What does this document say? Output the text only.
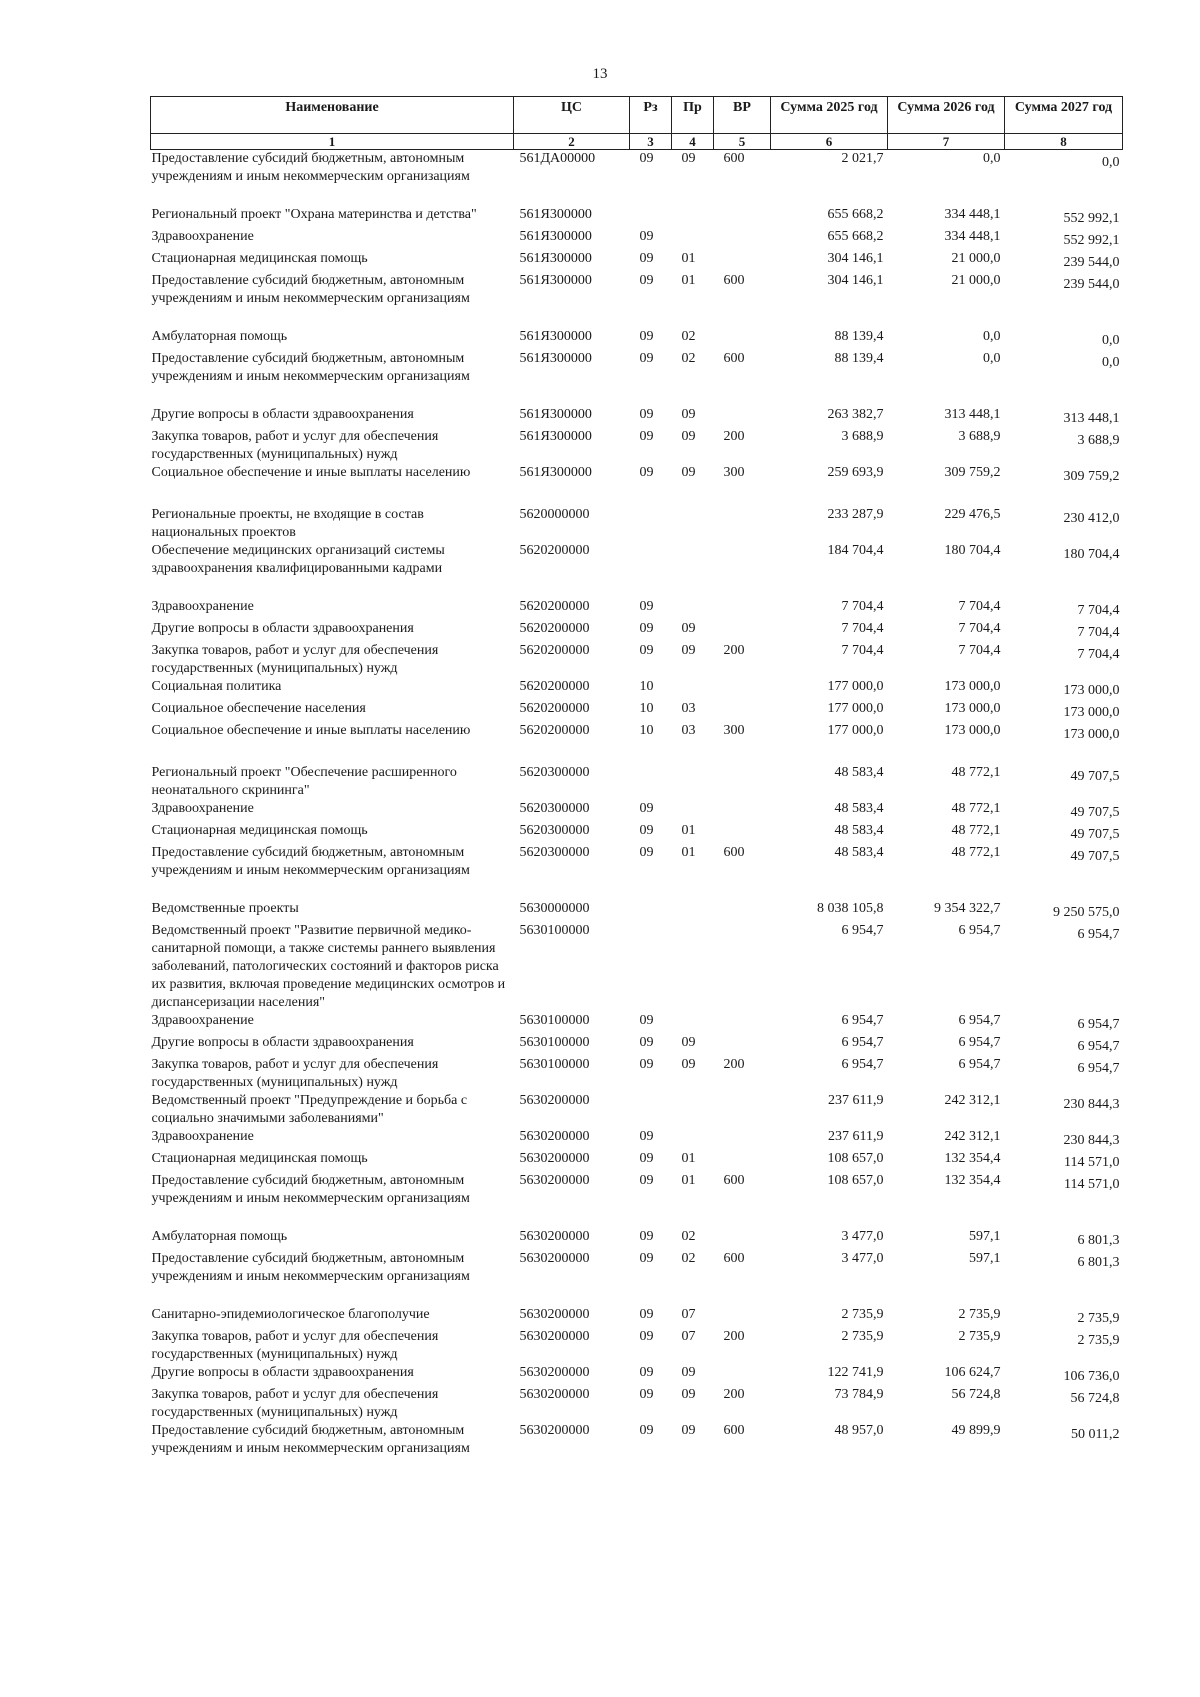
13
Наименование	ЦС	Рз	Пр	ВР	Сумма 2025 год	Сумма 2026 год	Сумма 2027 год
1	2	3	4	5	6	7	8
Предоставление субсидий бюджетным, автономным учреждениям и иным некоммерческим организациям	561ДА00000	09	09	600	2 021,7	0,0	0,0

Региональный проект "Охрана материнства и детства"	561Я300000				655 668,2	334 448,1	552 992,1
Здравоохранение	561Я300000	09			655 668,2	334 448,1	552 992,1
Стационарная медицинская помощь	561Я300000	09	01		304 146,1	21 000,0	239 544,0
Предоставление субсидий бюджетным, автономным учреждениям и иным некоммерческим организациям	561Я300000	09	01	600	304 146,1	21 000,0	239 544,0

Амбулаторная помощь	561Я300000	09	02		88 139,4	0,0	0,0
Предоставление субсидий бюджетным, автономным учреждениям и иным некоммерческим организациям	561Я300000	09	02	600	88 139,4	0,0	0,0

Другие вопросы в области здравоохранения	561Я300000	09	09		263 382,7	313 448,1	313 448,1
Закупка товаров, работ и услуг для обеспечения государственных (муниципальных) нужд	561Я300000	09	09	200	3 688,9	3 688,9	3 688,9
Социальное обеспечение и иные выплаты населению	561Я300000	09	09	300	259 693,9	309 759,2	309 759,2

Региональные проекты, не входящие в состав национальных проектов	5620000000				233 287,9	229 476,5	230 412,0
Обеспечение медицинских организаций системы здравоохранения квалифицированными кадрами	5620200000				184 704,4	180 704,4	180 704,4

Здравоохранение	5620200000	09			7 704,4	7 704,4	7 704,4
Другие вопросы в области здравоохранения	5620200000	09	09		7 704,4	7 704,4	7 704,4
Закупка товаров, работ и услуг для обеспечения государственных (муниципальных) нужд	5620200000	09	09	200	7 704,4	7 704,4	7 704,4
Социальная политика	5620200000	10			177 000,0	173 000,0	173 000,0
Социальное обеспечение населения	5620200000	10	03		177 000,0	173 000,0	173 000,0
Социальное обеспечение и иные выплаты населению	5620200000	10	03	300	177 000,0	173 000,0	173 000,0

Региональный проект "Обеспечение расширенного неонатального скрининга"	5620300000				48 583,4	48 772,1	49 707,5
Здравоохранение	5620300000	09			48 583,4	48 772,1	49 707,5
Стационарная медицинская помощь	5620300000	09	01		48 583,4	48 772,1	49 707,5
Предоставление субсидий бюджетным, автономным учреждениям и иным некоммерческим организациям	5620300000	09	01	600	48 583,4	48 772,1	49 707,5

Ведомственные проекты	5630000000				8 038 105,8	9 354 322,7	9 250 575,0
Ведомственный проект "Развитие первичной медико-санитарной помощи, а также системы раннего выявления заболеваний, патологических состояний и факторов риска их развития, включая проведение медицинских осмотров и диспансеризации населения"	5630100000				6 954,7	6 954,7	6 954,7
Здравоохранение	5630100000	09			6 954,7	6 954,7	6 954,7
Другие вопросы в области здравоохранения	5630100000	09	09		6 954,7	6 954,7	6 954,7
Закупка товаров, работ и услуг для обеспечения государственных (муниципальных) нужд	5630100000	09	09	200	6 954,7	6 954,7	6 954,7
Ведомственный проект "Предупреждение и борьба с социально значимыми заболеваниями"	5630200000				237 611,9	242 312,1	230 844,3
Здравоохранение	5630200000	09			237 611,9	242 312,1	230 844,3
Стационарная медицинская помощь	5630200000	09	01		108 657,0	132 354,4	114 571,0
Предоставление субсидий бюджетным, автономным учреждениям и иным некоммерческим организациям	5630200000	09	01	600	108 657,0	132 354,4	114 571,0

Амбулаторная помощь	5630200000	09	02		3 477,0	597,1	6 801,3
Предоставление субсидий бюджетным, автономным учреждениям и иным некоммерческим организациям	5630200000	09	02	600	3 477,0	597,1	6 801,3

Санитарно-эпидемиологическое благополучие	5630200000	09	07		2 735,9	2 735,9	2 735,9
Закупка товаров, работ и услуг для обеспечения государственных (муниципальных) нужд	5630200000	09	07	200	2 735,9	2 735,9	2 735,9
Другие вопросы в области здравоохранения	5630200000	09	09		122 741,9	106 624,7	106 736,0
Закупка товаров, работ и услуг для обеспечения государственных (муниципальных) нужд	5630200000	09	09	200	73 784,9	56 724,8	56 724,8
Предоставление субсидий бюджетным, автономным учреждениям и иным некоммерческим организациям	5630200000	09	09	600	48 957,0	49 899,9	50 011,2
